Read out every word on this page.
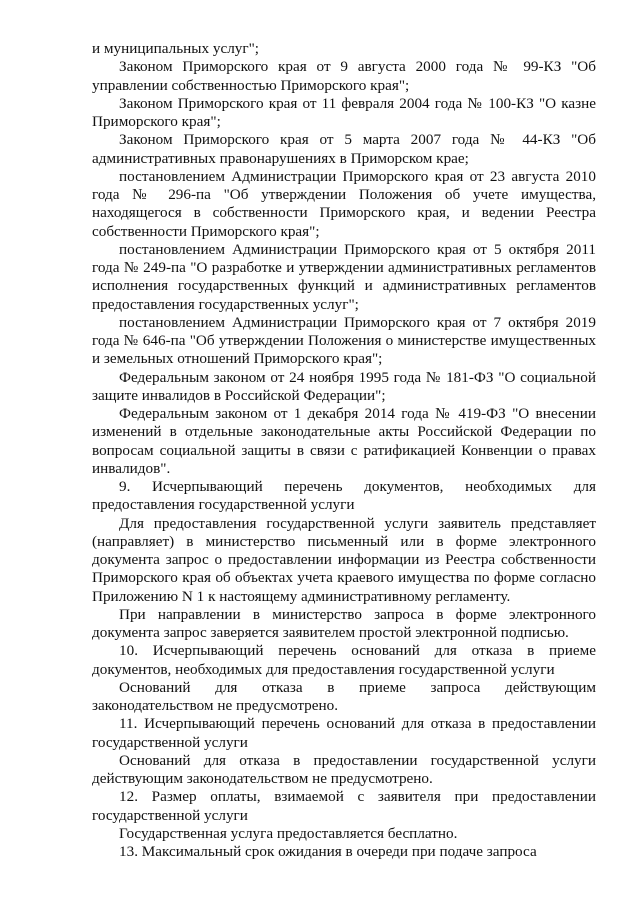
и муниципальных услуг";

Законом Приморского края от 9 августа 2000 года № 99-КЗ "Об управлении собственностью Приморского края";

Законом Приморского края от 11 февраля 2004 года № 100-КЗ "О казне Приморского края";

Законом Приморского края от 5 марта 2007 года № 44-КЗ "Об административных правонарушениях в Приморском крае;

постановлением Администрации Приморского края от 23 августа 2010 года № 296-па "Об утверждении Положения об учете имущества, находящегося в собственности Приморского края, и ведении Реестра собственности Приморского края";

постановлением Администрации Приморского края от 5 октября 2011 года № 249-па "О разработке и утверждении административных регламентов исполнения государственных функций и административных регламентов предоставления государственных услуг";

постановлением Администрации Приморского края от 7 октября 2019 года № 646-па "Об утверждении Положения о министерстве имущественных и земельных отношений Приморского края";

Федеральным законом от 24 ноября 1995 года № 181-ФЗ "О социальной защите инвалидов в Российской Федерации";

Федеральным законом от 1 декабря 2014 года № 419-ФЗ "О внесении изменений в отдельные законодательные акты Российской Федерации по вопросам социальной защиты в связи с ратификацией Конвенции о правах инвалидов".

9. Исчерпывающий перечень документов, необходимых для предоставления государственной услуги

Для предоставления государственной услуги заявитель представляет (направляет) в министерство письменный или в форме электронного документа запрос о предоставлении информации из Реестра собственности Приморского края об объектах учета краевого имущества по форме согласно Приложению N 1 к настоящему административному регламенту.

При направлении в министерство запроса в форме электронного документа запрос заверяется заявителем простой электронной подписью.

10. Исчерпывающий перечень оснований для отказа в приеме документов, необходимых для предоставления государственной услуги

Оснований для отказа в приеме запроса действующим законодательством не предусмотрено.

11. Исчерпывающий перечень оснований для отказа в предоставлении государственной услуги

Оснований для отказа в предоставлении государственной услуги действующим законодательством не предусмотрено.

12. Размер оплаты, взимаемой с заявителя при предоставлении государственной услуги

Государственная услуга предоставляется бесплатно.

13. Максимальный срок ожидания в очереди при подаче запроса
